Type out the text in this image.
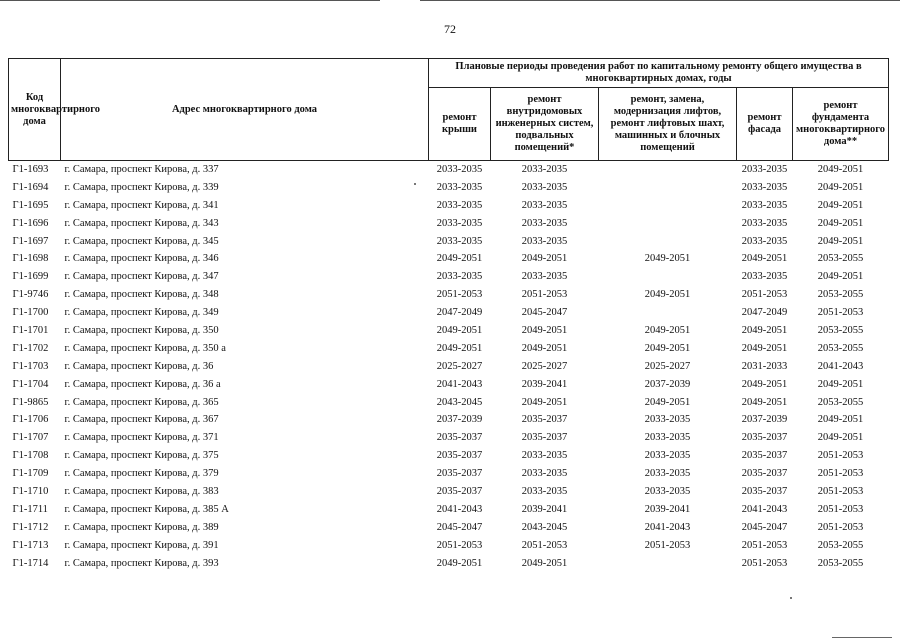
72
Код многоквартирного дома	Адрес многоквартирного дома	Плановые периоды проведения работ по капитальному ремонту общего имущества в многоквартирных домах, годы				
		ремонт крыши	ремонт внутридомовых инженерных систем, подвальных помещений*	ремонт, замена, модернизация лифтов, ремонт лифтовых шахт, машинных и блочных помещений	ремонт фасада	ремонт фундамента многоквартирного дома**
Г1-1693	г. Самара, проспект Кирова, д. 337	2033-2035	2033-2035		2033-2035	2049-2051
Г1-1694	г. Самара, проспект Кирова, д. 339	2033-2035	2033-2035		2033-2035	2049-2051
Г1-1695	г. Самара, проспект Кирова, д. 341	2033-2035	2033-2035		2033-2035	2049-2051
Г1-1696	г. Самара, проспект Кирова, д. 343	2033-2035	2033-2035		2033-2035	2049-2051
Г1-1697	г. Самара, проспект Кирова, д. 345	2033-2035	2033-2035		2033-2035	2049-2051
Г1-1698	г. Самара, проспект Кирова, д. 346	2049-2051	2049-2051	2049-2051	2049-2051	2053-2055
Г1-1699	г. Самара, проспект Кирова, д. 347	2033-2035	2033-2035		2033-2035	2049-2051
Г1-9746	г. Самара, проспект Кирова, д. 348	2051-2053	2051-2053	2049-2051	2051-2053	2053-2055
Г1-1700	г. Самара, проспект Кирова, д. 349	2047-2049	2045-2047		2047-2049	2051-2053
Г1-1701	г. Самара, проспект Кирова, д. 350	2049-2051	2049-2051	2049-2051	2049-2051	2053-2055
Г1-1702	г. Самара, проспект Кирова, д. 350 а	2049-2051	2049-2051	2049-2051	2049-2051	2053-2055
Г1-1703	г. Самара, проспект Кирова, д. 36	2025-2027	2025-2027	2025-2027	2031-2033	2041-2043
Г1-1704	г. Самара, проспект Кирова, д. 36 а	2041-2043	2039-2041	2037-2039	2049-2051	2049-2051
Г1-9865	г. Самара, проспект Кирова, д. 365	2043-2045	2049-2051	2049-2051	2049-2051	2053-2055
Г1-1706	г. Самара, проспект Кирова, д. 367	2037-2039	2035-2037	2033-2035	2037-2039	2049-2051
Г1-1707	г. Самара, проспект Кирова, д. 371	2035-2037	2035-2037	2033-2035	2035-2037	2049-2051
Г1-1708	г. Самара, проспект Кирова, д. 375	2035-2037	2033-2035	2033-2035	2035-2037	2051-2053
Г1-1709	г. Самара, проспект Кирова, д. 379	2035-2037	2033-2035	2033-2035	2035-2037	2051-2053
Г1-1710	г. Самара, проспект Кирова, д. 383	2035-2037	2033-2035	2033-2035	2035-2037	2051-2053
Г1-1711	г. Самара, проспект Кирова, д. 385 А	2041-2043	2039-2041	2039-2041	2041-2043	2051-2053
Г1-1712	г. Самара, проспект Кирова, д. 389	2045-2047	2043-2045	2041-2043	2045-2047	2051-2053
Г1-1713	г. Самара, проспект Кирова, д. 391	2051-2053	2051-2053	2051-2053	2051-2053	2053-2055
Г1-1714	г. Самара, проспект Кирова, д. 393	2049-2051	2049-2051		2051-2053	2053-2055
